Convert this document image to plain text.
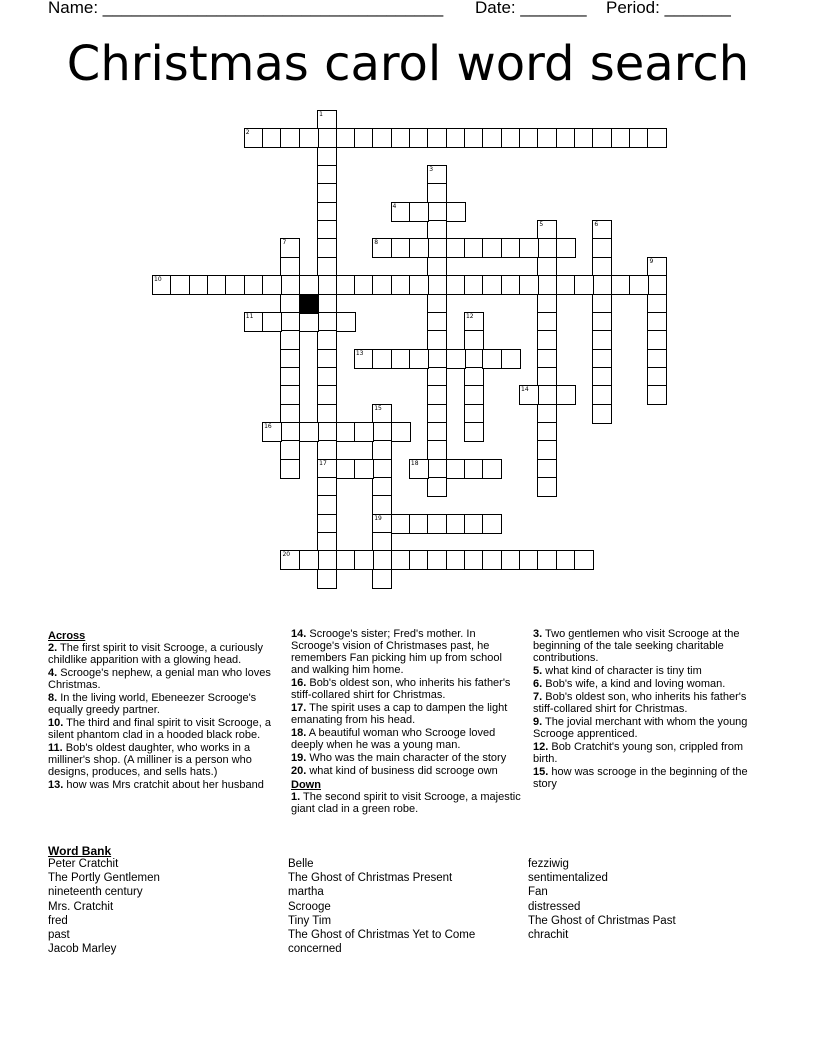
Name: ____________________________________ Date: _______ Period: _______
Christmas carol word search
1
17
2
3
4
5	6
7	8
9
10
11	12
13
14
15
19
16
18
20
Across
2. The first spirit to visit Scrooge, a curiously childlike apparition with a glowing head.
4. Scrooge's nephew, a genial man who loves Christmas.
8. In the living world, Ebeneezer Scrooge's equally greedy partner.
10. The third and final spirit to visit Scrooge, a silent phantom clad in a hooded black robe.
11. Bob's oldest daughter, who works in a milliner's shop. (A milliner is a person who designs, produces, and sells hats.)
13. how was Mrs cratchit about her husband
14. Scrooge's sister; Fred's mother. In Scrooge's vision of Christmases past, he remembers Fan picking him up from school and walking him home.
16. Bob's oldest son, who inherits his father's stiff-collared shirt for Christmas.
17. The spirit uses a cap to dampen the light emanating from his head.
18. A beautiful woman who Scrooge loved deeply when he was a young man.
19. Who was the main character of the story
20. what kind of business did scrooge own
Down
1. The second spirit to visit Scrooge, a majestic giant clad in a green robe.
3. Two gentlemen who visit Scrooge at the beginning of the tale seeking charitable contributions.
5. what kind of character is tiny tim
6. Bob's wife, a kind and loving woman.
7. Bob's oldest son, who inherits his father's stiff-collared shirt for Christmas.
9. The jovial merchant with whom the young Scrooge apprenticed.
12. Bob Cratchit's young son, crippled from birth.
15. how was scrooge in the beginning of the story
Word Bank
Peter Cratchit
The Portly Gentlemen
nineteenth century
Mrs. Cratchit
fred
past
Jacob Marley
Belle
The Ghost of Christmas Present
martha
Scrooge
Tiny Tim
The Ghost of Christmas Yet to Come
concerned
fezziwig
sentimentalized
Fan
distressed
The Ghost of Christmas Past
chrachit
